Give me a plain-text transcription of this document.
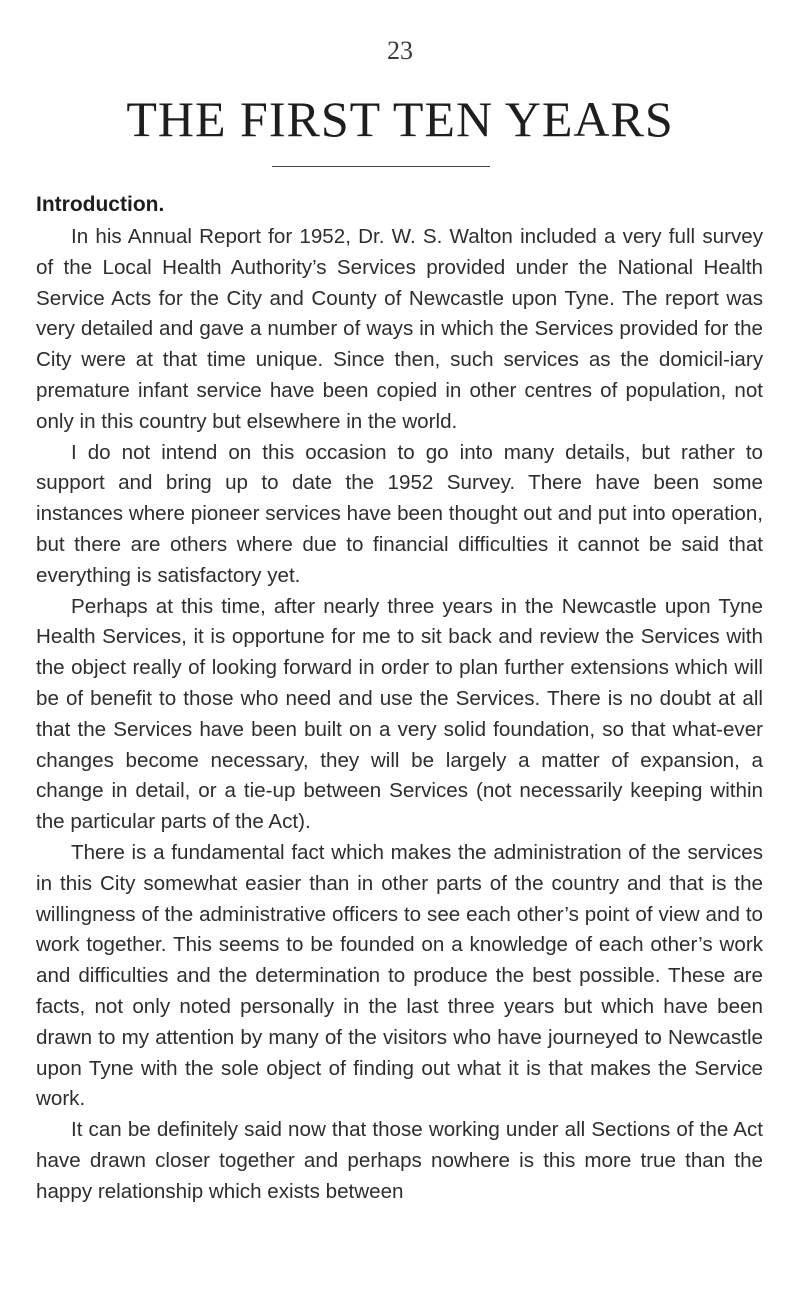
23
THE FIRST TEN YEARS
Introduction.

In his Annual Report for 1952, Dr. W. S. Walton included a very full survey of the Local Health Authority’s Services provided under the National Health Service Acts for the City and County of Newcastle upon Tyne. The report was very detailed and gave a number of ways in which the Services provided for the City were at that time unique. Since then, such services as the domicil-iary premature infant service have been copied in other centres of population, not only in this country but elsewhere in the world.

I do not intend on this occasion to go into many details, but rather to support and bring up to date the 1952 Survey. There have been some instances where pioneer services have been thought out and put into operation, but there are others where due to financial difficulties it cannot be said that everything is satisfactory yet.

Perhaps at this time, after nearly three years in the Newcastle upon Tyne Health Services, it is opportune for me to sit back and review the Services with the object really of looking forward in order to plan further extensions which will be of benefit to those who need and use the Services. There is no doubt at all that the Services have been built on a very solid foundation, so that what-ever changes become necessary, they will be largely a matter of expansion, a change in detail, or a tie-up between Services (not necessarily keeping within the particular parts of the Act).

There is a fundamental fact which makes the administration of the services in this City somewhat easier than in other parts of the country and that is the willingness of the administrative officers to see each other’s point of view and to work together. This seems to be founded on a knowledge of each other’s work and difficulties and the determination to produce the best possible. These are facts, not only noted personally in the last three years but which have been drawn to my attention by many of the visitors who have journeyed to Newcastle upon Tyne with the sole object of finding out what it is that makes the Service work.

It can be definitely said now that those working under all Sections of the Act have drawn closer together and perhaps nowhere is this more true than the happy relationship which exists between
